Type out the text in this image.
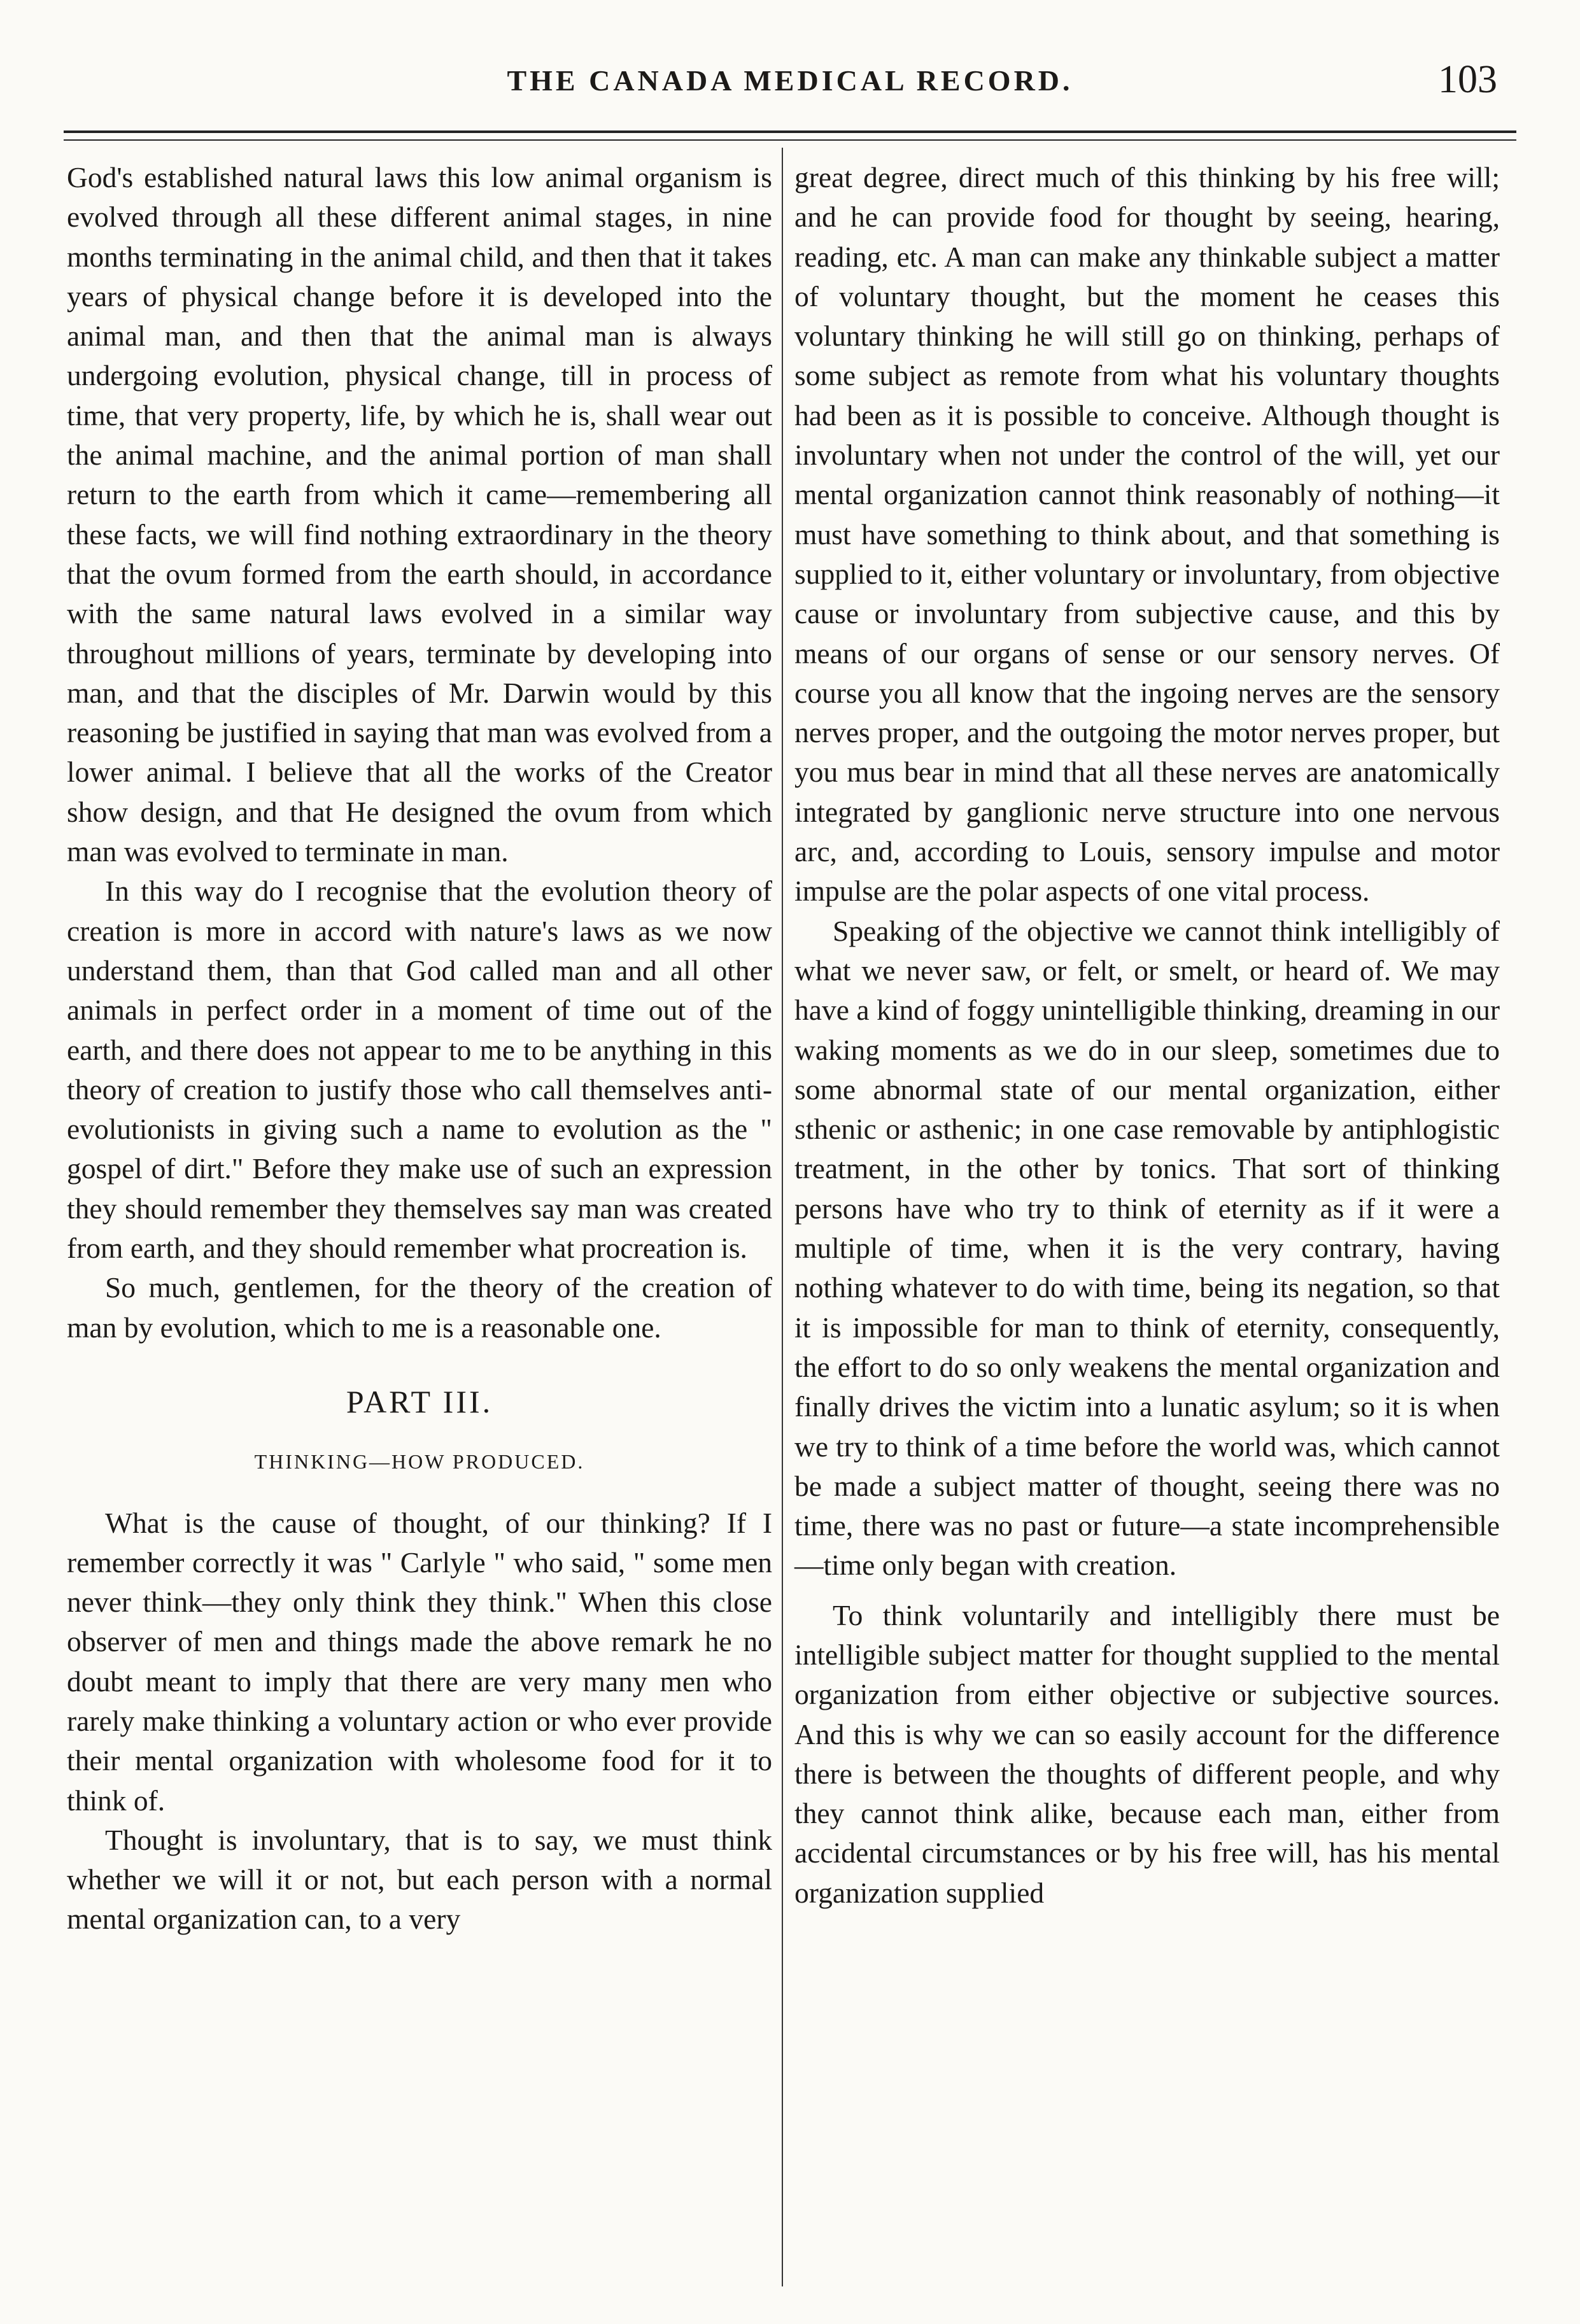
THE CANADA MEDICAL RECORD.	103

God's established natural laws this low animal organism is evolved through all these different animal stages, in nine months terminating in the animal child, and then that it takes years of physical change before it is developed into the animal man, and then that the animal man is always undergoing evolution, physical change, till in process of time, that very property, life, by which he is, shall wear out the animal machine, and the animal portion of man shall return to the earth from which it came—remembering all these facts, we will find nothing extraordinary in the theory that the ovum formed from the earth should, in accordance with the same natural laws evolved in a similar way throughout millions of years, terminate by developing into man, and that the disciples of Mr. Darwin would by this reasoning be justified in saying that man was evolved from a lower animal. I believe that all the works of the Creator show design, and that He designed the ovum from which man was evolved to terminate in man.

In this way do I recognise that the evolution theory of creation is more in accord with nature's laws as we now understand them, than that God called man and all other animals in perfect order in a moment of time out of the earth, and there does not appear to me to be anything in this theory of creation to justify those who call themselves anti-evolutionists in giving such a name to evolution as the " gospel of dirt." Before they make use of such an expression they should remember they themselves say man was created from earth, and they should remember what procreation is.

So much, gentlemen, for the theory of the creation of man by evolution, which to me is a reasonable one.

PART III.
THINKING—HOW PRODUCED.

What is the cause of thought, of our thinking? If I remember correctly it was " Carlyle " who said, " some men never think—they only think they think." When this close observer of men and things made the above remark he no doubt meant to imply that there are very many men who rarely make thinking a voluntary action or who ever provide their mental organization with wholesome food for it to think of.

Thought is involuntary, that is to say, we must think whether we will it or not, but each person with a normal mental organization can, to a very

great degree, direct much of this thinking by his free will; and he can provide food for thought by seeing, hearing, reading, etc. A man can make any thinkable subject a matter of voluntary thought, but the moment he ceases this voluntary thinking he will still go on thinking, perhaps of some subject as remote from what his voluntary thoughts had been as it is possible to conceive. Although thought is involuntary when not under the control of the will, yet our mental organization cannot think reasonably of nothing—it must have something to think about, and that something is supplied to it, either voluntary or involuntary, from objective cause or involuntary from subjective cause, and this by means of our organs of sense or our sensory nerves. Of course you all know that the ingoing nerves are the sensory nerves proper, and the outgoing the motor nerves proper, but you mus bear in mind that all these nerves are anatomically integrated by ganglionic nerve structure into one nervous arc, and, according to Louis, sensory impulse and motor impulse are the polar aspects of one vital process.

Speaking of the objective we cannot think intelligibly of what we never saw, or felt, or smelt, or heard of. We may have a kind of foggy unintelligible thinking, dreaming in our waking moments as we do in our sleep, sometimes due to some abnormal state of our mental organization, either sthenic or asthenic; in one case removable by antiphlogistic treatment, in the other by tonics. That sort of thinking persons have who try to think of eternity as if it were a multiple of time, when it is the very contrary, having nothing whatever to do with time, being its negation, so that it is impossible for man to think of eternity, consequently, the effort to do so only weakens the mental organization and finally drives the victim into a lunatic asylum; so it is when we try to think of a time before the world was, which cannot be made a subject matter of thought, seeing there was no time, there was no past or future—a state incomprehensible—time only began with creation.

To think voluntarily and intelligibly there must be intelligible subject matter for thought supplied to the mental organization from either objective or subjective sources. And this is why we can so easily account for the difference there is between the thoughts of different people, and why they cannot think alike, because each man, either from accidental circumstances or by his free will, has his mental organization supplied
